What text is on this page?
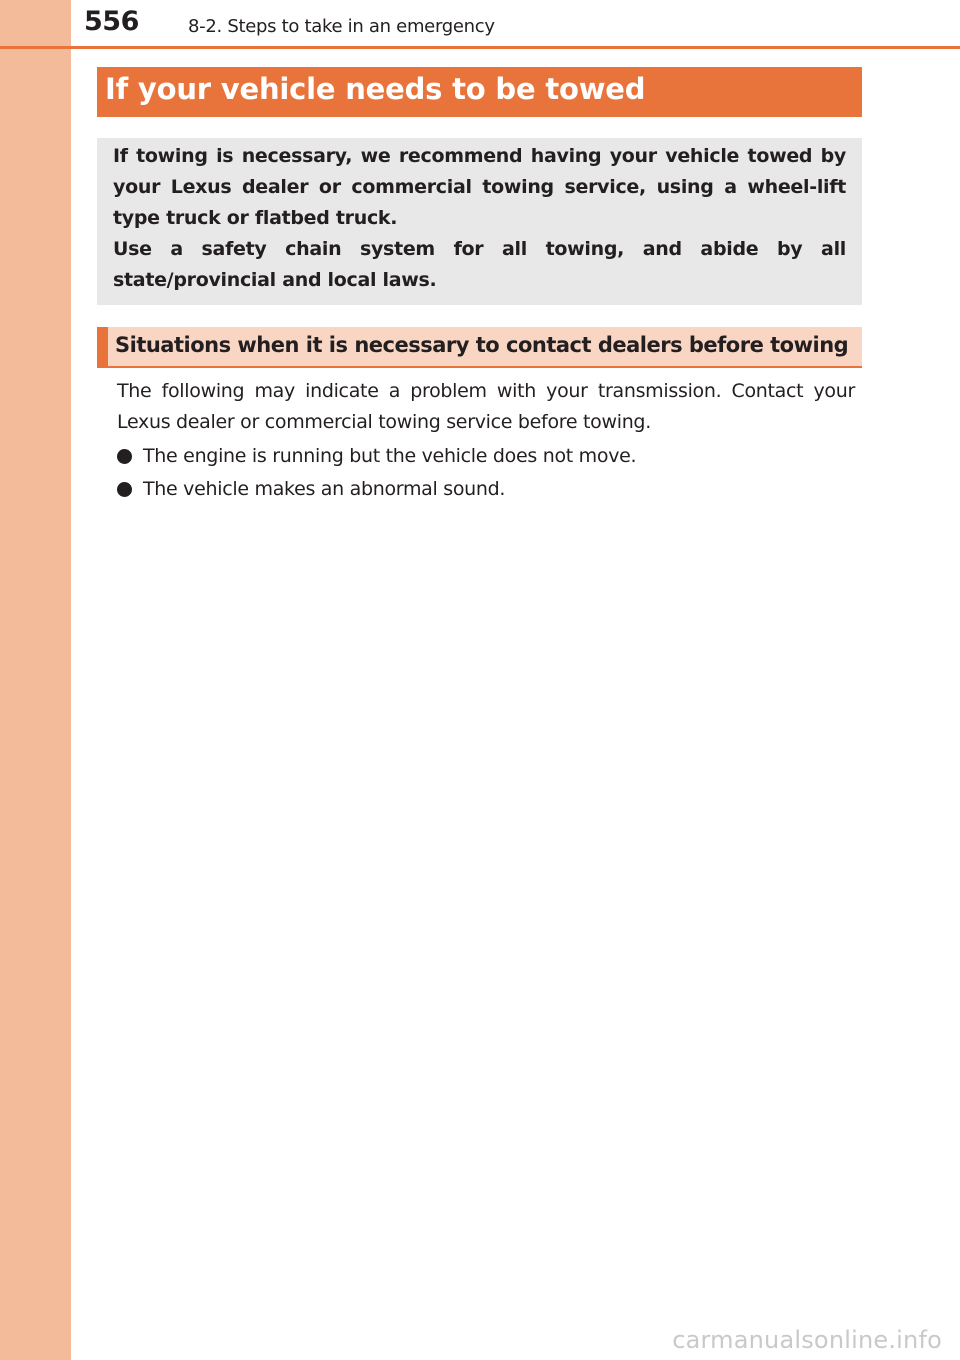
556	8-2. Steps to take in an emergency
If your vehicle needs to be towed

If towing is necessary, we recommend having your vehicle towed by your Lexus dealer or commercial towing service, using a wheel-lift type truck or flatbed truck.

Use a safety chain system for all towing, and abide by all state/provincial and local laws.

Situations when it is necessary to contact dealers before towing

The following may indicate a problem with your transmission. Contact your Lexus dealer or commercial towing service before towing.

The engine is running but the vehicle does not move.
The vehicle makes an abnormal sound.
carmanualsonline.info
